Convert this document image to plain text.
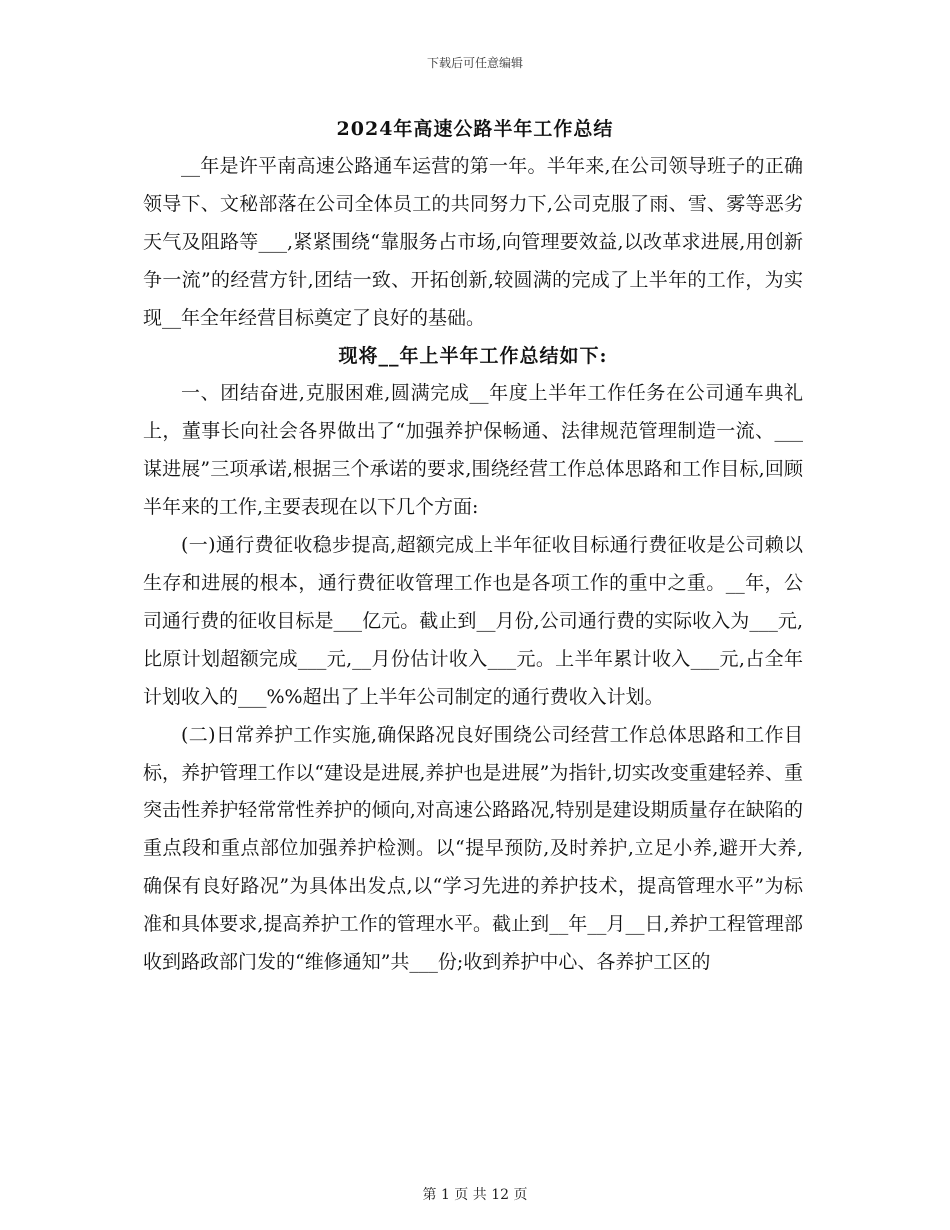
下载后可任意编辑
2024年高速公路半年工作总结

__年是许平南高速公路通车运营的第一年。半年来,在公司领导班子的正确领导下、文秘部落在公司全体员工的共同努力下,公司克服了雨、雪、雾等恶劣天气及阻路等___,紧紧围绕“靠服务占市场,向管理要效益,以改革求进展,用创新争一流”的经营方针,团结一致、开拓创新,较圆满的完成了上半年的工作，为实现__年全年经营目标奠定了良好的基础。

现将__年上半年工作总结如下:

一、团结奋进,克服困难,圆满完成__年度上半年工作任务在公司通车典礼上，董事长向社会各界做出了“加强养护保畅通、法律规范管理制造一流、___谋进展”三项承诺,根据三个承诺的要求,围绕经营工作总体思路和工作目标,回顾半年来的工作,主要表现在以下几个方面:

(一)通行费征收稳步提高,超额完成上半年征收目标通行费征收是公司赖以生存和进展的根本，通行费征收管理工作也是各项工作的重中之重。__年，公司通行费的征收目标是___亿元。截止到__月份,公司通行费的实际收入为___元,比原计划超额完成___元,__月份估计收入___元。上半年累计收入___元,占全年计划收入的___%%超出了上半年公司制定的通行费收入计划。

(二)日常养护工作实施,确保路况良好围绕公司经营工作总体思路和工作目标，养护管理工作以“建设是进展,养护也是进展”为指针,切实改变重建轻养、重突击性养护轻常常性养护的倾向,对高速公路路况,特别是建设期质量存在缺陷的重点段和重点部位加强养护检测。以“提早预防,及时养护,立足小养,避开大养,确保有良好路况”为具体出发点,以“学习先进的养护技术，提高管理水平”为标准和具体要求,提高养护工作的管理水平。截止到__年__月__日,养护工程管理部收到路政部门发的“维修通知”共___份;收到养护中心、各养护工区的

第 1 页 共 12 页
